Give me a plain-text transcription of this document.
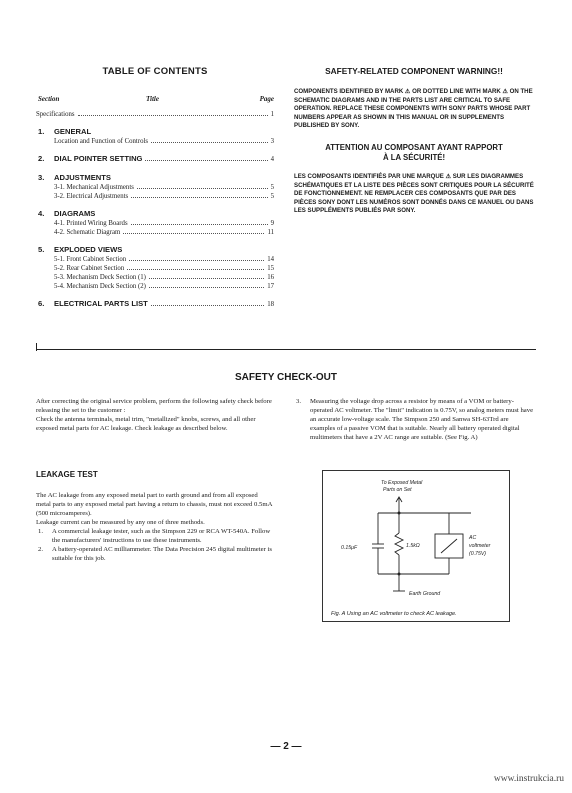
TABLE OF CONTENTS
Section	Title	Page
Specifications	1
1.	GENERAL
Location and Function of Controls	3
2.	DIAL POINTER SETTING	4
3.	ADJUSTMENTS
3-1. Mechanical Adjustments	5
3-2. Electrical Adjustments	5
4.	DIAGRAMS
4-1. Printed Wiring Boards	9
4-2. Schematic Diagram	11
5.	EXPLODED VIEWS
5-1. Front Cabinet Section	14
5-2. Rear Cabinet Section	15
5-3. Mechanism Deck Section (1)	16
5-4. Mechanism Deck Section (2)	17
6.	ELECTRICAL PARTS LIST	18
SAFETY-RELATED COMPONENT WARNING!!
COMPONENTS IDENTIFIED BY MARK ⚠ OR DOTTED LINE WITH MARK ⚠ ON THE SCHEMATIC DIAGRAMS AND IN THE PARTS LIST ARE CRITICAL TO SAFE OPERATION. REPLACE THESE COMPONENTS WITH SONY PARTS WHOSE PART NUMBERS APPEAR AS SHOWN IN THIS MANUAL OR IN SUPPLEMENTS PUBLISHED BY SONY.
ATTENTION AU COMPOSANT AYANT RAPPORT
À LA SÉCURITÉ!
LES COMPOSANTS IDENTIFIÉS PAR UNE MARQUE ⚠ SUR LES DIAGRAMMES SCHÉMATIQUES ET LA LISTE DES PIÈCES SONT CRITIQUES POUR LA SÉCURITÉ DE FONCTIONNEMENT. NE REMPLACER CES COMPOSANTS QUE PAR DES PIÈCES SONY DONT LES NUMÉROS SONT DONNÉS DANS CE MANUEL OU DANS LES SUPPLÉMENTS PUBLIÉS PAR SONY.
SAFETY CHECK-OUT
After correcting the original service problem, perform the following safety check before releasing the set to the customer :
Check the antenna terminals, metal trim, "metallized" knobs, screws, and all other exposed metal parts for AC leakage. Check leakage as described below.
LEAKAGE TEST
The AC leakage from any exposed metal part to earth ground and from all exposed metal parts to any exposed metal part having a return to chassis, must not exceed 0.5mA (500 microamperes).
Leakage current can be measured by any one of three methods.
1. A commercial leakage tester, such as the Simpson 229 or RCA WT-540A. Follow the manufacturers' instructions to use these instruments.
2. A battery-operated AC milliammeter. The Data Precision 245 digital multimeter is suitable for this job.
3. Measuring the voltage drop across a resistor by means of a VOM or battery-operated AC voltmeter. The "limit" indication is 0.75V, so analog meters must have an accurate low-voltage scale. The Simpson 250 and Sanwa SH-63Trd are examples of a passive VOM that is suitable. Nearly all battery operated digital multimeters that have a 2V AC range are suitable. (See Fig. A)
To Exposed Metal
Parts on Set
0.15μF	1.5kΩ
AC
voltmeter
(0.75V)
Earth Ground
Fig. A Using an AC voltmeter to check AC leakage.
— 2 —
www.instrukcia.ru
